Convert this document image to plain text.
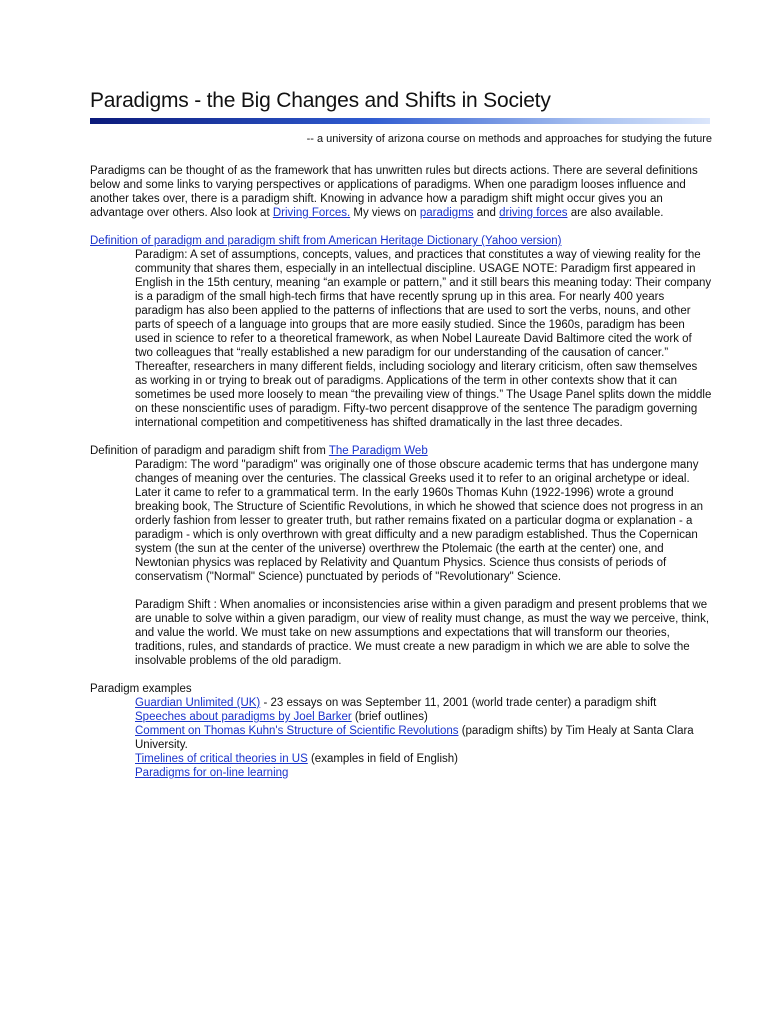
Paradigms - the Big Changes and Shifts in Society
-- a university of arizona course on methods and approaches for studying the future
Paradigms can be thought of as the framework that has unwritten rules but directs actions. There are several definitions below and some links to varying perspectives or applications of paradigms. When one paradigm looses influence and another takes over, there is a paradigm shift. Knowing in advance how a paradigm shift might occur gives you an advantage over others. Also look at Driving Forces. My views on paradigms and driving forces are also available.
Definition of paradigm and paradigm shift from American Heritage Dictionary (Yahoo version)
Paradigm: A set of assumptions, concepts, values, and practices that constitutes a way of viewing reality for the community that shares them, especially in an intellectual discipline. USAGE NOTE: Paradigm first appeared in English in the 15th century, meaning “an example or pattern,” and it still bears this meaning today: Their company is a paradigm of the small high-tech firms that have recently sprung up in this area. For nearly 400 years paradigm has also been applied to the patterns of inflections that are used to sort the verbs, nouns, and other parts of speech of a language into groups that are more easily studied. Since the 1960s, paradigm has been used in science to refer to a theoretical framework, as when Nobel Laureate David Baltimore cited the work of two colleagues that “really established a new paradigm for our understanding of the causation of cancer.” Thereafter, researchers in many different fields, including sociology and literary criticism, often saw themselves as working in or trying to break out of paradigms. Applications of the term in other contexts show that it can sometimes be used more loosely to mean “the prevailing view of things.” The Usage Panel splits down the middle on these nonscientific uses of paradigm. Fifty-two percent disapprove of the sentence The paradigm governing international competition and competitiveness has shifted dramatically in the last three decades.
Definition of paradigm and paradigm shift from The Paradigm Web
Paradigm: The word "paradigm" was originally one of those obscure academic terms that has undergone many changes of meaning over the centuries. The classical Greeks used it to refer to an original archetype or ideal. Later it came to refer to a grammatical term. In the early 1960s Thomas Kuhn (1922-1996) wrote a ground breaking book, The Structure of Scientific Revolutions, in which he showed that science does not progress in an orderly fashion from lesser to greater truth, but rather remains fixated on a particular dogma or explanation - a paradigm - which is only overthrown with great difficulty and a new paradigm established. Thus the Copernican system (the sun at the center of the universe) overthrew the Ptolemaic (the earth at the center) one, and Newtonian physics was replaced by Relativity and Quantum Physics. Science thus consists of periods of conservatism ("Normal" Science) punctuated by periods of "Revolutionary" Science.
Paradigm Shift : When anomalies or inconsistencies arise within a given paradigm and present problems that we are unable to solve within a given paradigm, our view of reality must change, as must the way we perceive, think, and value the world. We must take on new assumptions and expectations that will transform our theories, traditions, rules, and standards of practice. We must create a new paradigm in which we are able to solve the insolvable problems of the old paradigm.
Paradigm examples
Guardian Unlimited (UK) - 23 essays on was September 11, 2001 (world trade center) a paradigm shift
Speeches about paradigms by Joel Barker (brief outlines)
Comment on Thomas Kuhn's Structure of Scientific Revolutions (paradigm shifts) by Tim Healy at Santa Clara University.
Timelines of critical theories in US (examples in field of English)
Paradigms for on-line learning
